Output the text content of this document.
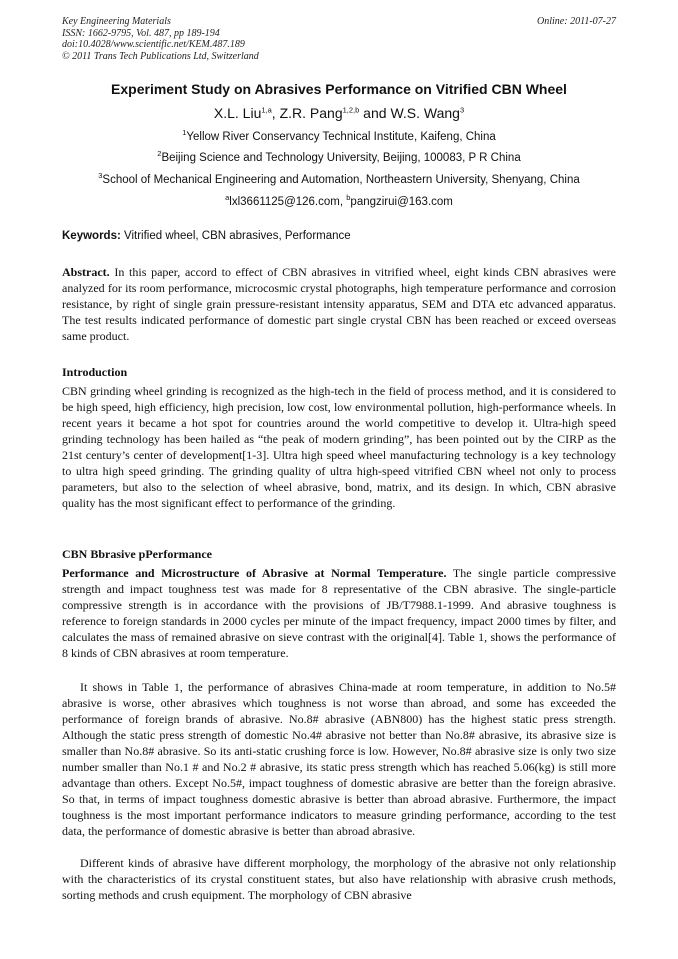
Key Engineering Materials
ISSN: 1662-9795, Vol. 487, pp 189-194
doi:10.4028/www.scientific.net/KEM.487.189
© 2011 Trans Tech Publications Ltd, Switzerland
Online: 2011-07-27
Experiment Study on Abrasives Performance on Vitrified CBN Wheel
X.L. Liu$^{1,a}$, Z.R. Pang$^{1,2,b}$ and W.S. Wang$^3$
$^1$Yellow River Conservancy Technical Institute, Kaifeng, China
$^2$Beijing Science and Technology University, Beijing, 100083, P R China
$^3$School of Mechanical Engineering and Automation, Northeastern University, Shenyang, China
$^a$lxl3661125@126.com, $^b$pangzirui@163.com
Keywords: Vitrified wheel, CBN abrasives, Performance
Abstract. In this paper, accord to effect of CBN abrasives in vitrified wheel, eight kinds CBN abrasives were analyzed for its room performance, microcosmic crystal photographs, high temperature performance and corrosion resistance, by right of single grain pressure-resistant intensity apparatus, SEM and DTA etc advanced apparatus. The test results indicated performance of domestic part single crystal CBN has been reached or exceed overseas same product.
Introduction
CBN grinding wheel grinding is recognized as the high-tech in the field of process method, and it is considered to be high speed, high efficiency, high precision, low cost, low environmental pollution, high-performance wheels. In recent years it became a hot spot for countries around the world competitive to develop it. Ultra-high speed grinding technology has been hailed as “the peak of modern grinding”, has been pointed out by the CIRP as the 21st century’s center of development[1-3]. Ultra high speed wheel manufacturing technology is a key technology to ultra high speed grinding. The grinding quality of ultra high-speed vitrified CBN wheel not only to process parameters, but also to the selection of wheel abrasive, bond, matrix, and its design. In which, CBN abrasive quality has the most significant effect to performance of the grinding.
CBN Bbrasive pPerformance
Performance and Microstructure of Abrasive at Normal Temperature. The single particle compressive strength and impact toughness test was made for 8 representative of the CBN abrasive. The single-particle compressive strength is in accordance with the provisions of JB/T7988.1-1999. And abrasive toughness is reference to foreign standards in 2000 cycles per minute of the impact frequency, impact 2000 times by filter, and calculates the mass of remained abrasive on sieve contrast with the original[4]. Table 1, shows the performance of 8 kinds of CBN abrasives at room temperature.
It shows in Table 1, the performance of abrasives China-made at room temperature, in addition to No.5# abrasive is worse, other abrasives which toughness is not worse than abroad, and some has exceeded the performance of foreign brands of abrasive. No.8# abrasive (ABN800) has the highest static press strength. Although the static press strength of domestic No.4# abrasive not better than No.8# abrasive, its abrasive size is smaller than No.8# abrasive. So its anti-static crushing force is low. However, No.8# abrasive size is only two size number smaller than No.1 # and No.2 # abrasive, its static press strength which has reached 5.06(kg) is still more advantage than others. Except No.5#, impact toughness of domestic abrasive are better than the foreign abrasive. So that, in terms of impact toughness domestic abrasive is better than abroad abrasive. Furthermore, the impact toughness is the most important performance indicators to measure grinding performance, according to the test data, the performance of domestic abrasive is better than abroad abrasive.
Different kinds of abrasive have different morphology, the morphology of the abrasive not only relationship with the characteristics of its crystal constituent states, but also have relationship with abrasive crush methods, sorting methods and crush equipment. The morphology of CBN abrasive
